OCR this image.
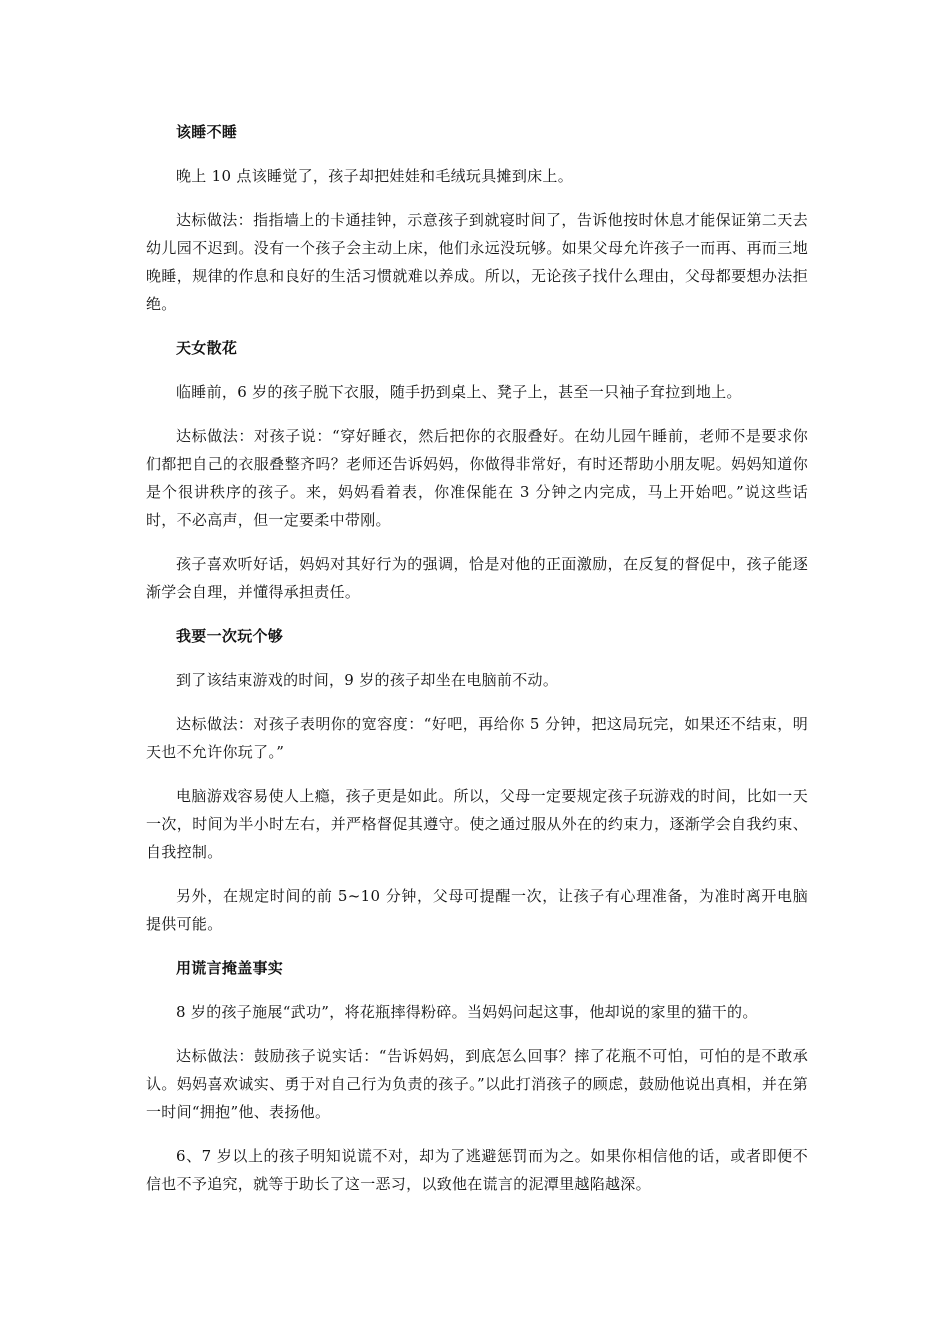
该睡不睡

晚上 10 点该睡觉了，孩子却把娃娃和毛绒玩具摊到床上。

达标做法：指指墙上的卡通挂钟，示意孩子到就寝时间了，告诉他按时休息才能保证第二天去幼儿园不迟到。没有一个孩子会主动上床，他们永远没玩够。如果父母允许孩子一而再、再而三地晚睡，规律的作息和良好的生活习惯就难以养成。所以，无论孩子找什么理由，父母都要想办法拒绝。

天女散花

临睡前，6 岁的孩子脱下衣服，随手扔到桌上、凳子上，甚至一只袖子耷拉到地上。

达标做法：对孩子说：“穿好睡衣，然后把你的衣服叠好。在幼儿园午睡前，老师不是要求你们都把自己的衣服叠整齐吗？老师还告诉妈妈，你做得非常好，有时还帮助小朋友呢。妈妈知道你是个很讲秩序的孩子。来，妈妈看着表，你准保能在 3 分钟之内完成，马上开始吧。”说这些话时，不必高声，但一定要柔中带刚。

孩子喜欢听好话，妈妈对其好行为的强调，恰是对他的正面激励，在反复的督促中，孩子能逐渐学会自理，并懂得承担责任。

我要一次玩个够

到了该结束游戏的时间，9 岁的孩子却坐在电脑前不动。

达标做法：对孩子表明你的宽容度：“好吧，再给你 5 分钟，把这局玩完，如果还不结束，明天也不允许你玩了。”

电脑游戏容易使人上瘾，孩子更是如此。所以，父母一定要规定孩子玩游戏的时间，比如一天一次，时间为半小时左右，并严格督促其遵守。使之通过服从外在的约束力，逐渐学会自我约束、自我控制。

另外，在规定时间的前 5~10 分钟，父母可提醒一次，让孩子有心理准备，为准时离开电脑提供可能。

用谎言掩盖事实

8 岁的孩子施展“武功”，将花瓶摔得粉碎。当妈妈问起这事，他却说的家里的猫干的。

达标做法：鼓励孩子说实话：“告诉妈妈，到底怎么回事？摔了花瓶不可怕，可怕的是不敢承认。妈妈喜欢诚实、勇于对自己行为负责的孩子。”以此打消孩子的顾虑，鼓励他说出真相，并在第一时间“拥抱”他、表扬他。

6、7 岁以上的孩子明知说谎不对，却为了逃避惩罚而为之。如果你相信他的话，或者即便不信也不予追究，就等于助长了这一恶习，以致他在谎言的泥潭里越陷越深。
